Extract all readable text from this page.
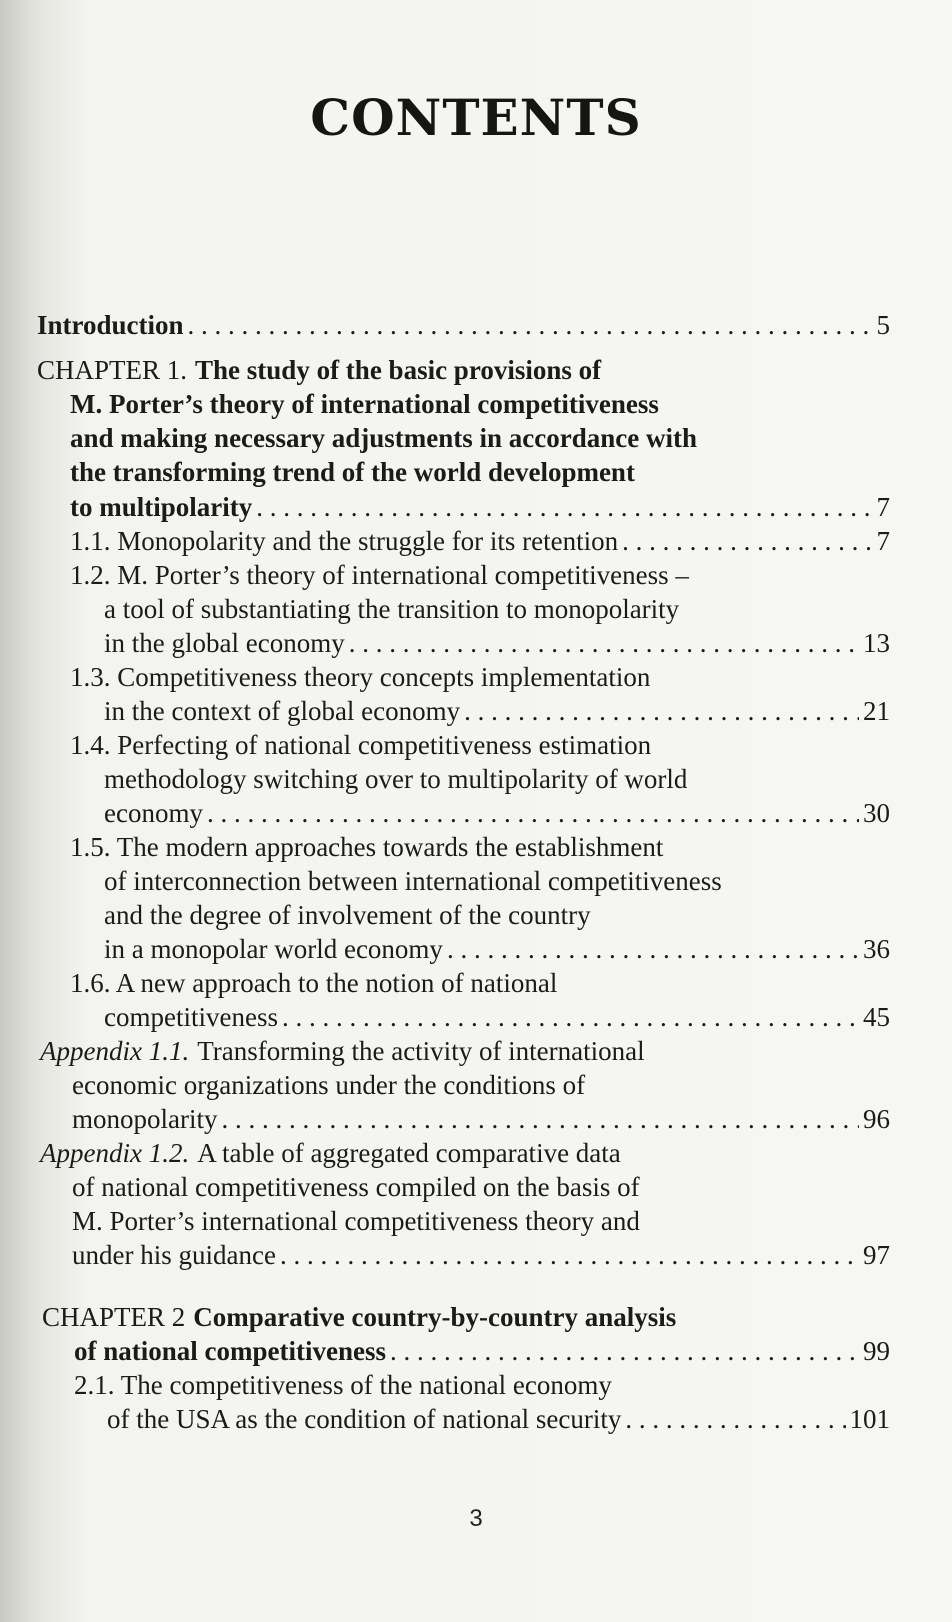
CONTENTS
Introduction . . .	5
CHAPTER 1. The study of the basic provisions of
M. Porter’s theory of international competitiveness
and making necessary adjustments in accordance with
the transforming trend of the world development
to multipolarity . . .	7
1.1. Monopolarity and the struggle for its retention . . .	7
1.2. M. Porter’s theory of international competitiveness –
a tool of substantiating the transition to monopolarity
in the global economy . . .	13
1.3. Competitiveness theory concepts implementation
in the context of global economy . . .	21
1.4. Perfecting of national competitiveness estimation
methodology switching over to multipolarity of world
economy . . .	30
1.5. The modern approaches towards the establishment
of interconnection between international competitiveness
and the degree of involvement of the country
in a monopolar world economy . . .	36
1.6. A new approach to the notion of national
competitiveness . . .	45
Appendix 1.1. Transforming the activity of international
economic organizations under the conditions of
monopolarity . . .	96
Appendix 1.2. A table of aggregated comparative data
of national competitiveness compiled on the basis of
M. Porter’s international competitiveness theory and
under his guidance . . .	97
CHAPTER 2 Comparative country-by-country analysis
of national competitiveness . . .	99
2.1. The competitiveness of the national economy
of the USA as the condition of national security . . .	101
3
